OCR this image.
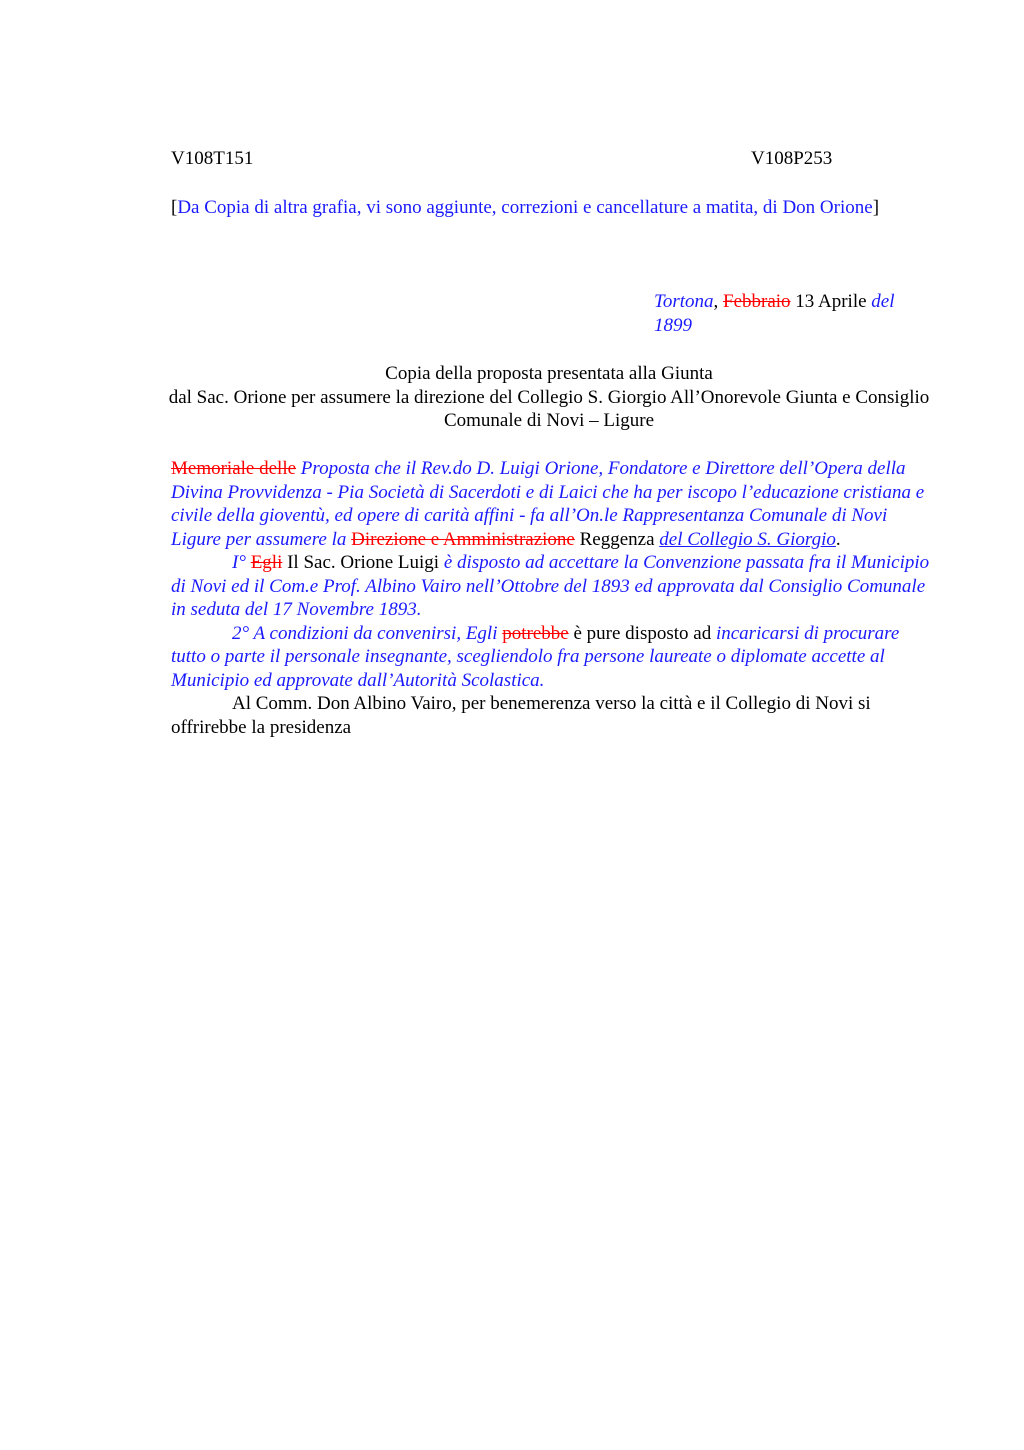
V108T151	V108P253
[Da Copia di altra grafia, vi sono aggiunte, correzioni e cancellature a matita, di Don Orione]
Tortona, Febbraio 13 Aprile del 1899
Copia della proposta presentata alla Giunta
dal Sac. Orione per assumere la direzione del Collegio S. Giorgio All’Onorevole Giunta e Consiglio Comunale di Novi – Ligure

Memoriale delle Proposta che il Rev.do D. Luigi Orione, Fondatore e Direttore dell’Opera della Divina Provvidenza - Pia Società di Sacerdoti e di Laici che ha per iscopo l’educazione cristiana e civile della gioventù, ed opere di carità affini - fa all’On.le Rappresentanza Comunale di Novi Ligure per assumere la Direzione e Amministrazione Reggenza del Collegio S. Giorgio.

I° Egli Il Sac. Orione Luigi è disposto ad accettare la Convenzione passata fra il Municipio di Novi ed il Com.e Prof. Albino Vairo nell’Ottobre del 1893 ed approvata dal Consiglio Comunale in seduta del 17 Novembre 1893.

2° A condizioni da convenirsi, Egli potrebbe è pure disposto ad incaricarsi di procurare tutto o parte il personale insegnante, scegliendolo fra persone laureate o diplomate accette al Municipio ed approvate dall’Autorità Scolastica.

Al Comm. Don Albino Vairo, per benemerenza verso la città e il Collegio di Novi si offrirebbe la presidenza
